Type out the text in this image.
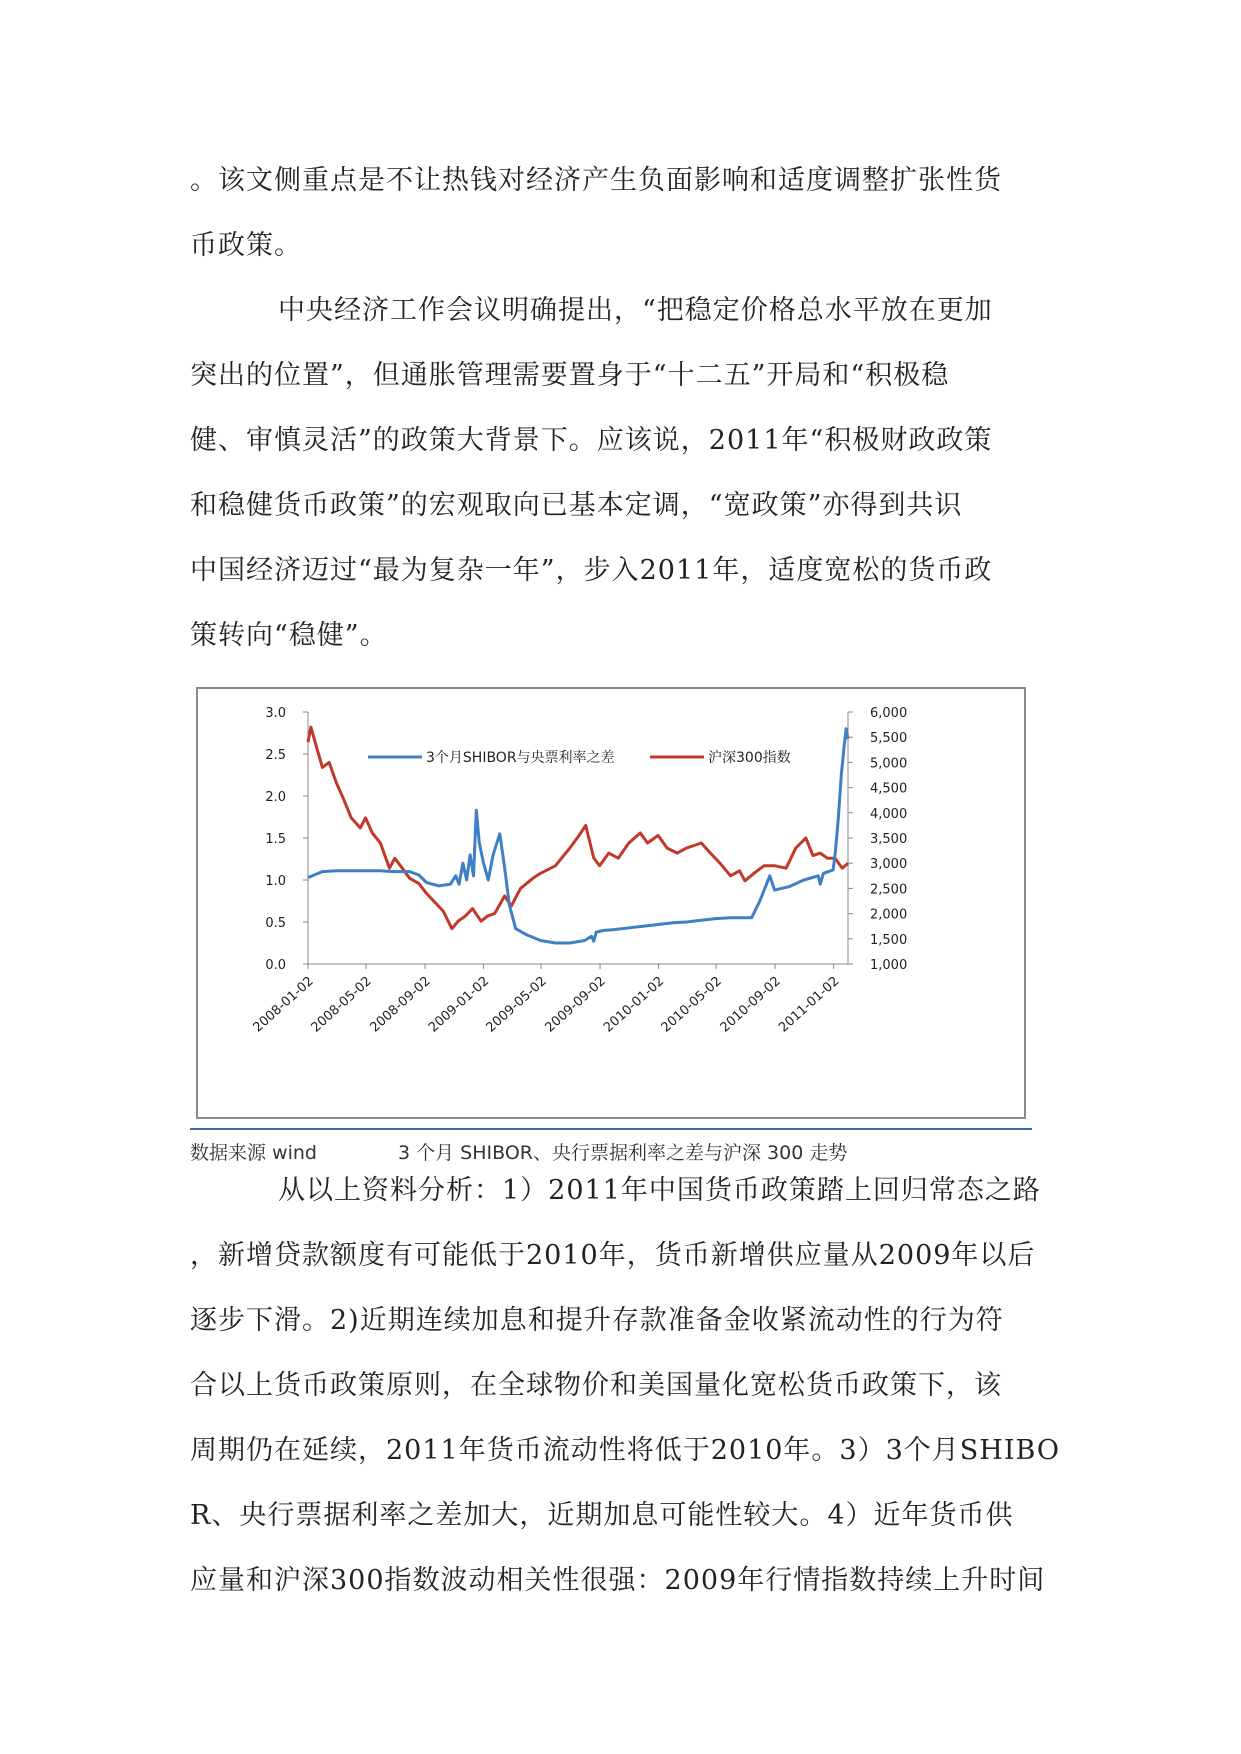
。该文侧重点是不让热钱对经济产生负面影响和适度调整扩张性货
币政策。
中央经济工作会议明确提出，“把稳定价格总水平放在更加
突出的位置”，但通胀管理需要置身于“十二五”开局和“积极稳
健、审慎灵活”的政策大背景下。应该说，2011年“积极财政政策
和稳健货币政策”的宏观取向已基本定调，“宽政策”亦得到共识
中国经济迈过“最为复杂一年”，步入2011年，适度宽松的货币政
策转向“稳健”。
3.0
2.5
2.0
1.5
1.0
0.5
0.0
6,000
5,500
5,000
4,500
4,000
3,500
3,000
2,500
2,000
1,500
1,000
2008-01-02
2008-05-02
2008-09-02
2009-01-02
2009-05-02
2009-09-02
2010-01-02
2010-05-02
2010-09-02
2011-01-02
3个月SHIBOR与央票利率之差	沪深300指数
数据来源 wind	3 个月 SHIBOR、央行票据利率之差与沪深 300 走势
从以上资料分析：1）2011年中国货币政策踏上回归常态之路
，新增贷款额度有可能低于2010年，货币新增供应量从2009年以后
逐步下滑。2)近期连续加息和提升存款准备金收紧流动性的行为符
合以上货币政策原则，在全球物价和美国量化宽松货币政策下，该
周期仍在延续，2011年货币流动性将低于2010年。3）3个月SHIBO
R、央行票据利率之差加大，近期加息可能性较大。4）近年货币供
应量和沪深300指数波动相关性很强：2009年行情指数持续上升时间
